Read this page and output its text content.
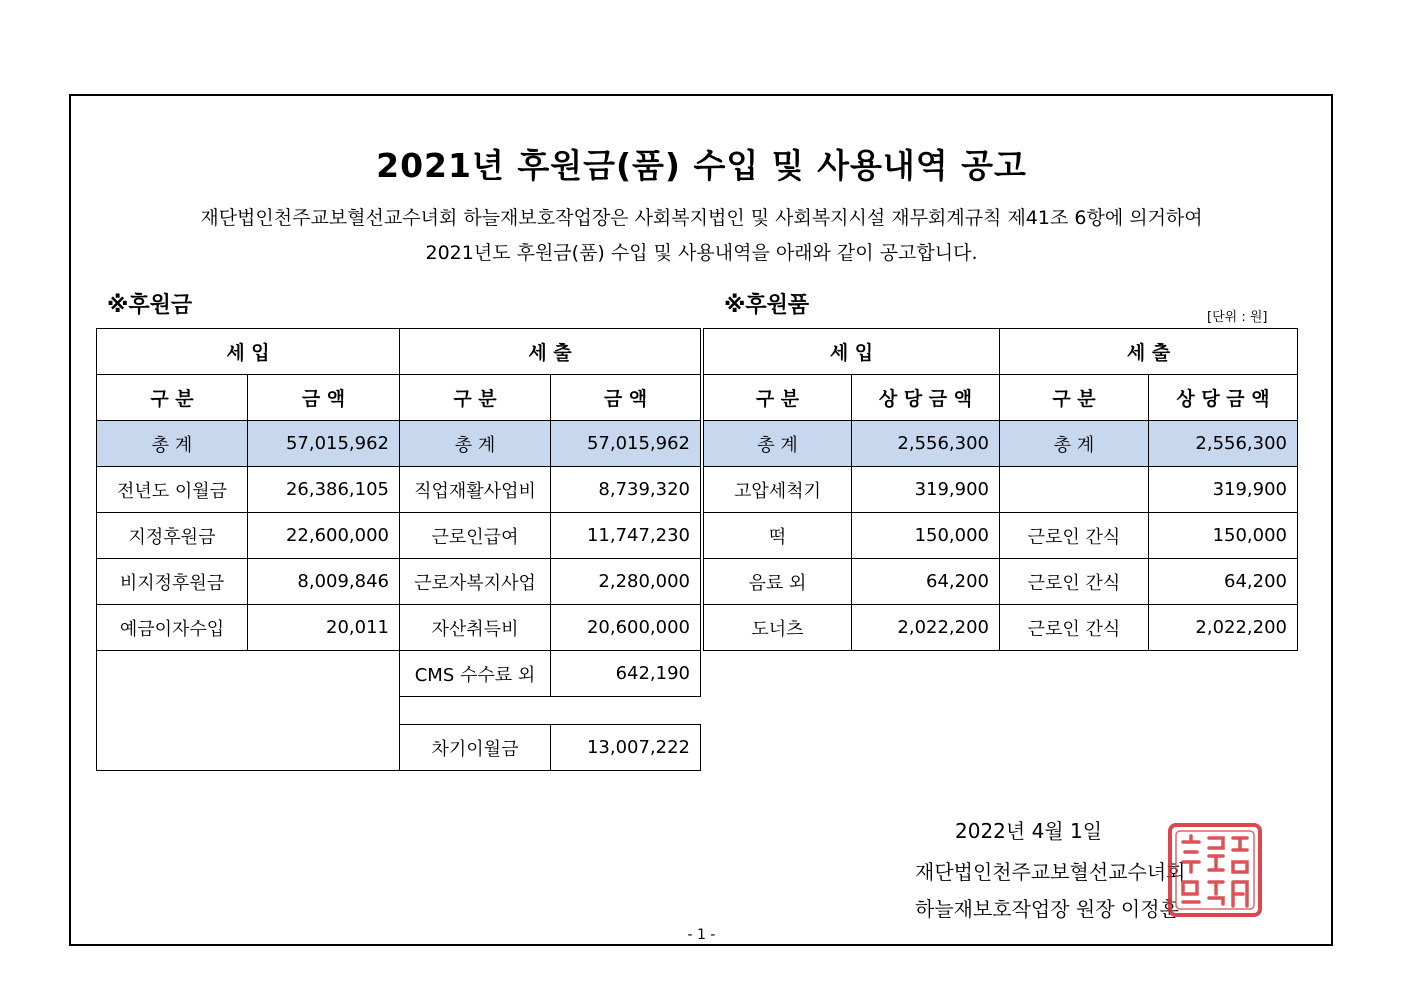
2021년 후원금(품) 수입 및 사용내역 공고
재단법인천주교보혈선교수녀회 하늘재보호작업장은 사회복지법인 및 사회복지시설 재무회계규칙 제41조 6항에 의거하여
2021년도 후원금(품) 수입 및 사용내역을 아래와 같이 공고합니다.
※후원금	※후원품	[단위 : 원]
세 입		세 출	
구 분	금 액	구 분	금 액
총 계	57,015,962	총 계	57,015,962
전년도 이월금	26,386,105	직업재활사업비	8,739,320
지정후원금	22,600,000	근로인급여	11,747,230
비지정후원금	8,009,846	근로자복지사업	2,280,000
예금이자수입	20,011	자산취득비	20,600,000
		CMS 수수료 외	642,190

		차기이월금	13,007,222
세 입		세 출	
구 분	상 당 금 액	구 분	상 당 금 액
총 계	2,556,300	총 계	2,556,300
고압세척기	319,900		319,900
떡	150,000	근로인 간식	150,000
음료 외	64,200	근로인 간식	64,200
도너츠	2,022,200	근로인 간식	2,022,200
2022년 4월 1일
재단법인천주교보혈선교수녀회
하늘재보호작업장 원장 이정훈
- 1 -
